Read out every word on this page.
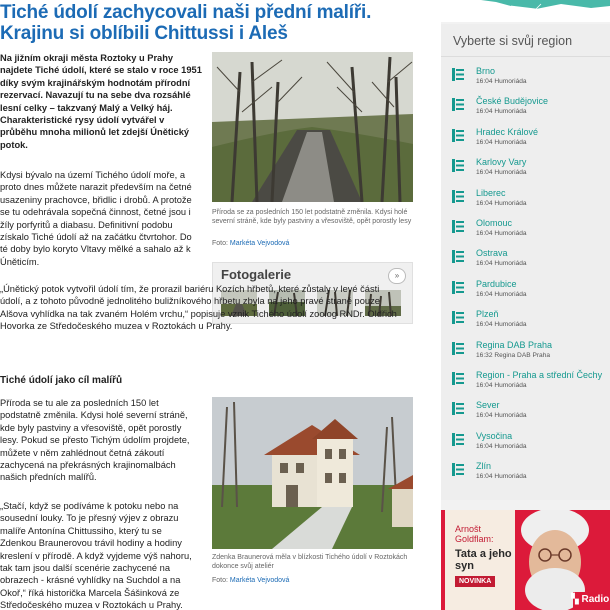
Tiché údolí zachycovali naši přední malíři. Krajinu si oblíbili Chittussi i Aleš

Na jižním okraji města Roztoky u Prahy najdete Tiché údolí, které se stalo v roce 1951 díky svým krajinářským hodnotám přírodní rezervací. Navazují tu na sebe dva rozsáhlé lesní celky – takzvaný Malý a Velký háj. Charakteristické rysy údolí vytvářel v průběhu mnoha milionů let zdejší Únětický potok.

Příroda se za posledních 150 let podstatně změnila. Kdysi holé severní stráně, kde byly pastviny a vřesoviště, opět porostly lesy

Foto: Markéta Vejvodová

Fotogalerie	»

Kdysi bývalo na území Tichého údolí moře, a proto dnes můžete narazit především na četné usazeniny prachovce, břidlic i drobů. A protože se tu odehrávala sopečná činnost, četné jsou i žíly porfyritů a diabasu. Definitivní podobu získalo Tiché údolí až na začátku čtvrtohor. Do té doby bylo koryto Vltavy mělké a sahalo až k Úněticím.

„Únětický potok vytvořil údolí tím, že prorazil bariéru Kozích hřbetů, které zůstaly v levé části údolí, a z tohoto původně jednolitého buližníkového hřbetu zbyla na jeho pravé straně pouze Alšova vyhlídka na tak zvaném Holém vrchu,“ popisuje vznik Tichého údolí zoolog RNDr. Oldřich Hovorka ze Středočeského muzea v Roztokách u Prahy.

Tiché údolí jako cíl malířů

Příroda se tu ale za posledních 150 let podstatně změnila. Kdysi holé severní stráně, kde byly pastviny a vřesoviště, opět porostly lesy. Pokud se přesto Tichým údolím projdete, můžete v něm zahlédnout četná zákoutí zachycená na překrásných krajinomalbách našich předních malířů.

Zdenka Braunerová měla v blízkosti Tichého údolí v Roztokách dokonce svůj ateliér

Foto: Markéta Vejvodová

„Stačí, když se podíváme k potoku nebo na sousední louky. To je přesný výjev z obrazu malíře Antonína Chittussiho, který tu se Zdenkou Braunerovou trávil hodiny a hodiny kreslení v přírodě. A když vyjdeme výš nahoru, tak tam jsou další scenérie zachycené na obrazech - krásné vyhlídky na Suchdol a na Okoř,“ říká historička Marcela Šášinková ze Středočeského muzea v Roztokách u Prahy.

Vyberte si svůj region
Brno
16:04 Humoriáda
České Budějovice
16:04 Humoriáda
Hradec Králové
16:04 Humoriáda
Karlovy Vary
16:04 Humoriáda
Liberec
16:04 Humoriáda
Olomouc
16:04 Humoriáda
Ostrava
16:04 Humoriáda
Pardubice
16:04 Humoriáda
Plzeň
16:04 Humoriáda
Regina DAB Praha
16:32 Regina DAB Praha
Region - Praha a střední Čechy
16:04 Humoriáda
Sever
16:04 Humoriáda
Vysočina
16:04 Humoriáda
Zlín
16:04 Humoriáda

Arnošt Goldflam:

Tata a jeho syn

NOVINKA

▚ Radio
